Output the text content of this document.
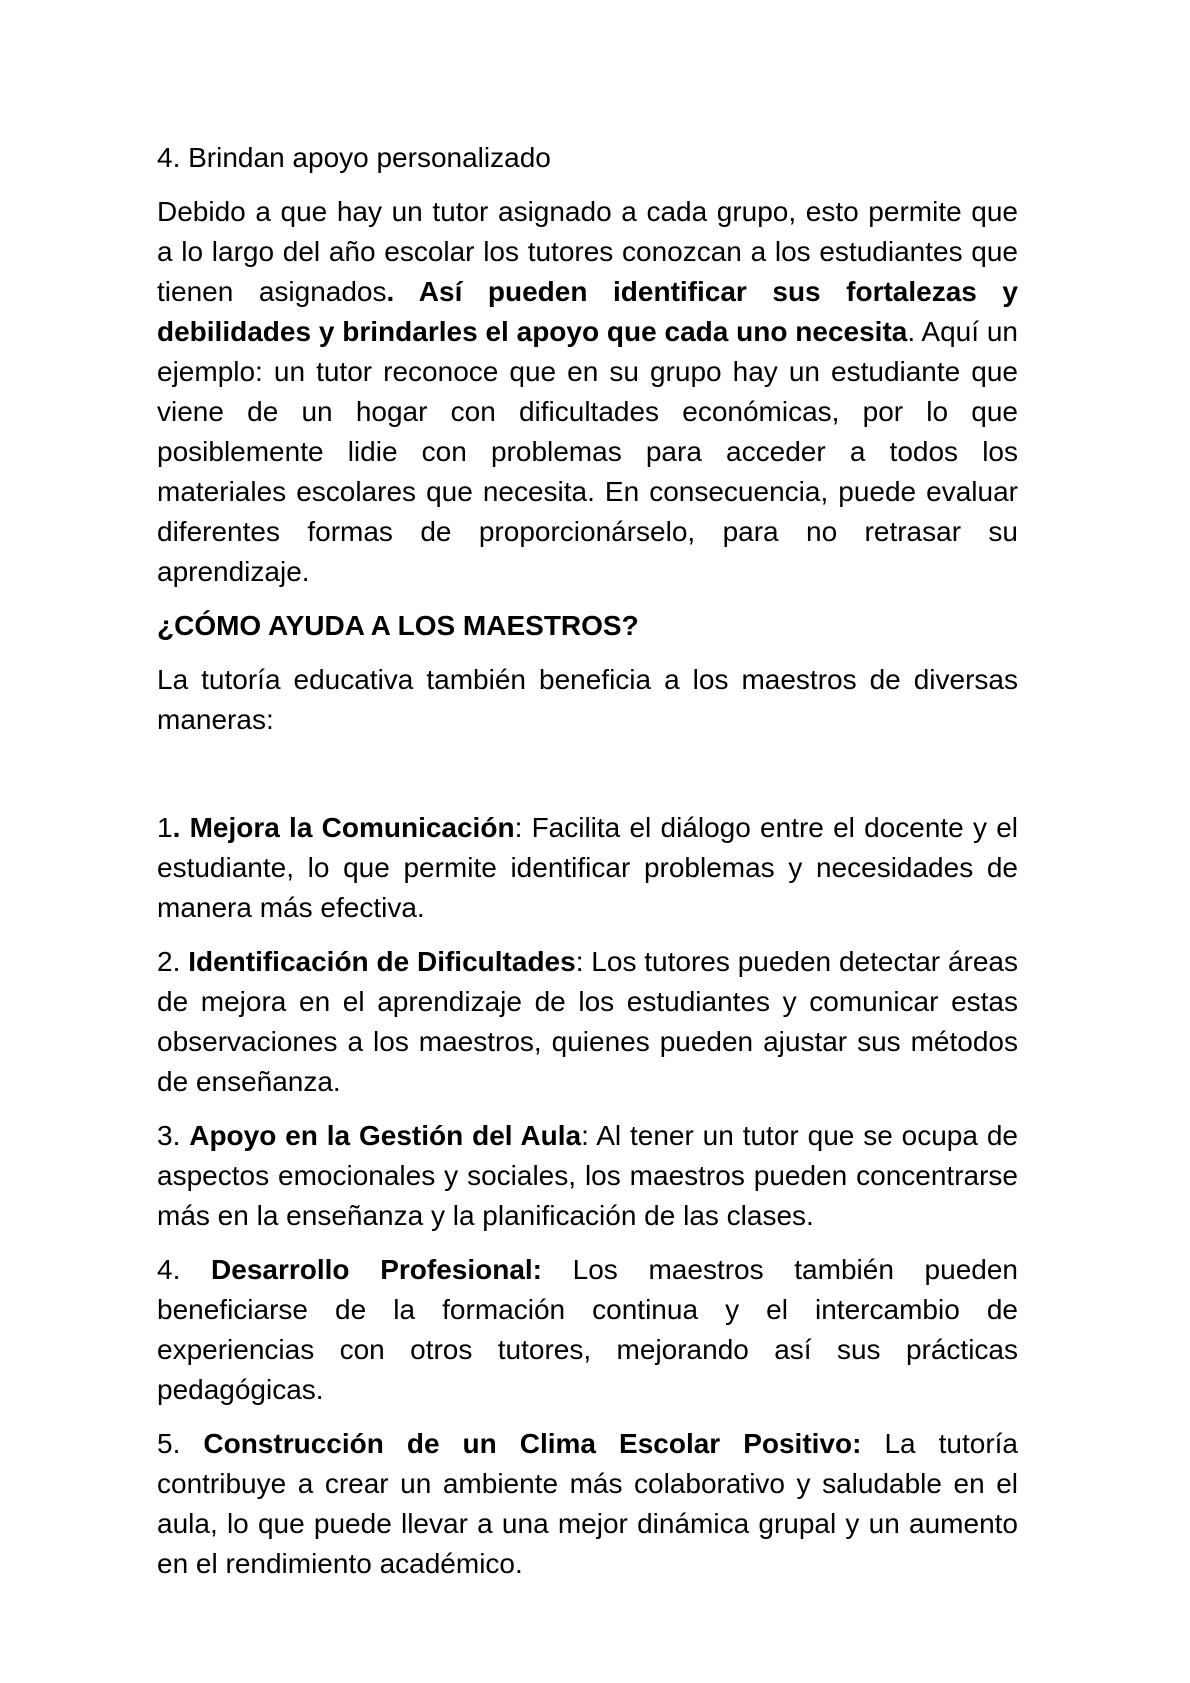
4. Brindan apoyo personalizado

Debido a que hay un tutor asignado a cada grupo, esto permite que a lo largo del año escolar los tutores conozcan a los estudiantes que tienen asignados. Así pueden identificar sus fortalezas y debilidades y brindarles el apoyo que cada uno necesita. Aquí un ejemplo: un tutor reconoce que en su grupo hay un estudiante que viene de un hogar con dificultades económicas, por lo que posiblemente lidie con problemas para acceder a todos los materiales escolares que necesita. En consecuencia, puede evaluar diferentes formas de proporcionárselo, para no retrasar su aprendizaje.

¿CÓMO AYUDA A LOS MAESTROS?

La tutoría educativa también beneficia a los maestros de diversas maneras:

1. Mejora la Comunicación: Facilita el diálogo entre el docente y el estudiante, lo que permite identificar problemas y necesidades de manera más efectiva.

2. Identificación de Dificultades: Los tutores pueden detectar áreas de mejora en el aprendizaje de los estudiantes y comunicar estas observaciones a los maestros, quienes pueden ajustar sus métodos de enseñanza.

3. Apoyo en la Gestión del Aula: Al tener un tutor que se ocupa de aspectos emocionales y sociales, los maestros pueden concentrarse más en la enseñanza y la planificación de las clases.

4. Desarrollo Profesional: Los maestros también pueden beneficiarse de la formación continua y el intercambio de experiencias con otros tutores, mejorando así sus prácticas pedagógicas.

5. Construcción de un Clima Escolar Positivo: La tutoría contribuye a crear un ambiente más colaborativo y saludable en el aula, lo que puede llevar a una mejor dinámica grupal y un aumento en el rendimiento académico.
